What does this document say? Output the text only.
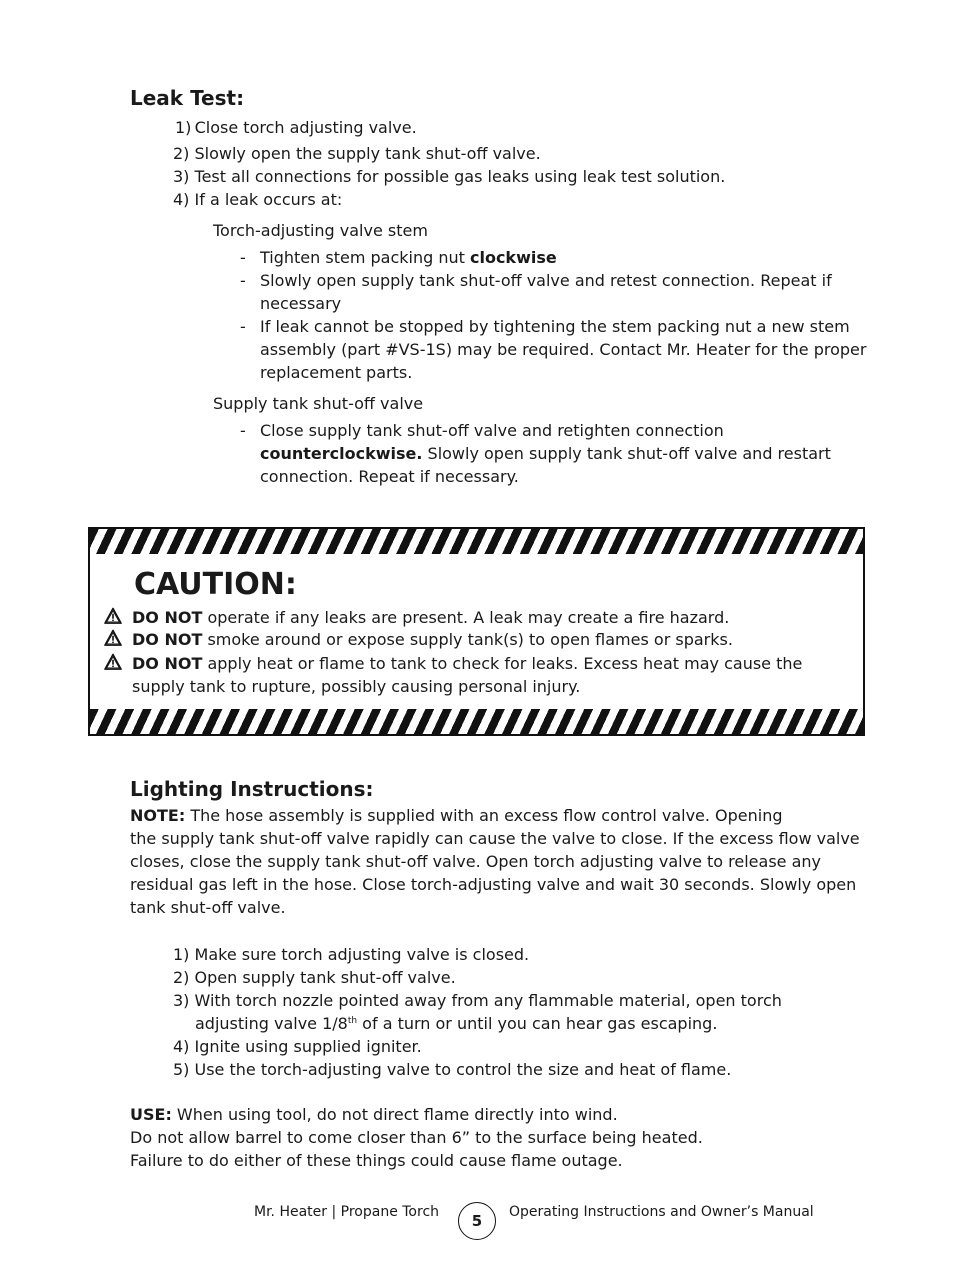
Leak Test:
1) Close torch adjusting valve.
2) Slowly open the supply tank shut-off valve.
3) Test all connections for possible gas leaks using leak test solution.
4) If a leak occurs at:
Torch-adjusting valve stem
- Tighten stem packing nut clockwise
- Slowly open supply tank shut-off valve and retest connection. Repeat if necessary
- If leak cannot be stopped by tightening the stem packing nut a new stem assembly (part #VS-1S) may be required. Contact Mr. Heater for the proper replacement parts.
Supply tank shut-off valve
- Close supply tank shut-off valve and retighten connection counterclockwise. Slowly open supply tank shut-off valve and restart connection. Repeat if necessary.
CAUTION:
DO NOT operate if any leaks are present. A leak may create a fire hazard.
DO NOT smoke around or expose supply tank(s) to open flames or sparks.
DO NOT apply heat or flame to tank to check for leaks. Excess heat may cause the supply tank to rupture, possibly causing personal injury.
Lighting Instructions:
NOTE: The hose assembly is supplied with an excess flow control valve. Opening
the supply tank shut-off valve rapidly can cause the valve to close. If the excess flow valve closes, close the supply tank shut-off valve. Open torch adjusting valve to release any residual gas left in the hose. Close torch-adjusting valve and wait 30 seconds. Slowly open tank shut-off valve.
1) Make sure torch adjusting valve is closed.
2) Open supply tank shut-off valve.
3) With torch nozzle pointed away from any flammable material, open torch
adjusting valve 1/8th of a turn or until you can hear gas escaping.
4) Ignite using supplied igniter.
5) Use the torch-adjusting valve to control the size and heat of flame.
USE: When using tool, do not direct flame directly into wind.
Do not allow barrel to come closer than 6” to the surface being heated.
Failure to do either of these things could cause flame outage.
Mr. Heater | Propane Torch	5	Operating Instructions and Owner’s Manual
